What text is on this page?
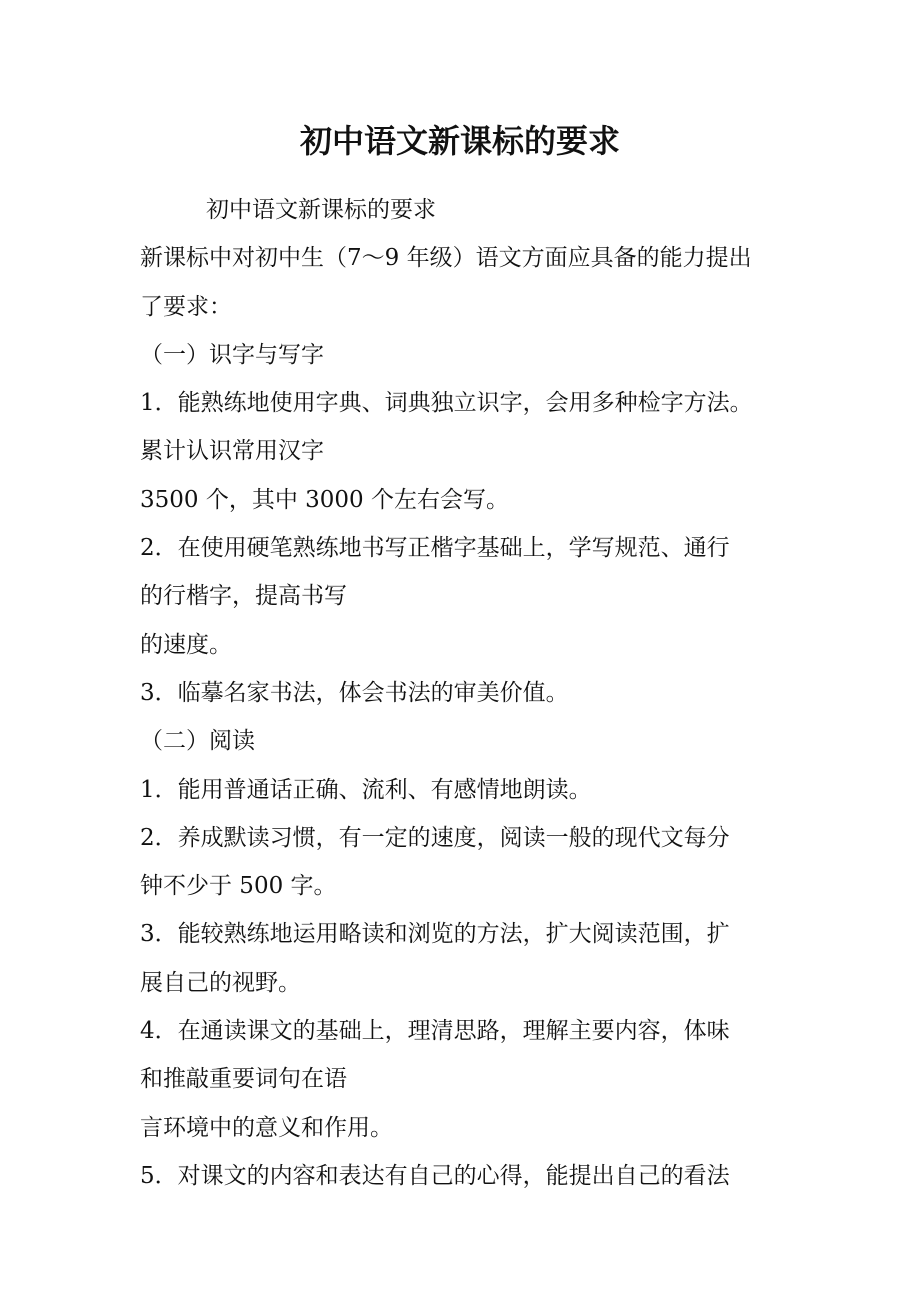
初中语文新课标的要求

初中语文新课标的要求

新课标中对初中生（7～9 年级）语文方面应具备的能力提出

了要求：

（一）识字与写字

1．能熟练地使用字典、词典独立识字，会用多种检字方法。

累计认识常用汉字

3500 个，其中 3000 个左右会写。

2．在使用硬笔熟练地书写正楷字基础上，学写规范、通行

的行楷字，提高书写

的速度。

3．临摹名家书法，体会书法的审美价值。

（二）阅读

1．能用普通话正确、流利、有感情地朗读。

2．养成默读习惯，有一定的速度，阅读一般的现代文每分

钟不少于 500 字。

3．能较熟练地运用略读和浏览的方法，扩大阅读范围，扩

展自己的视野。

4．在通读课文的基础上，理清思路，理解主要内容，体味

和推敲重要词句在语

言环境中的意义和作用。

5．对课文的内容和表达有自己的心得，能提出自己的看法
